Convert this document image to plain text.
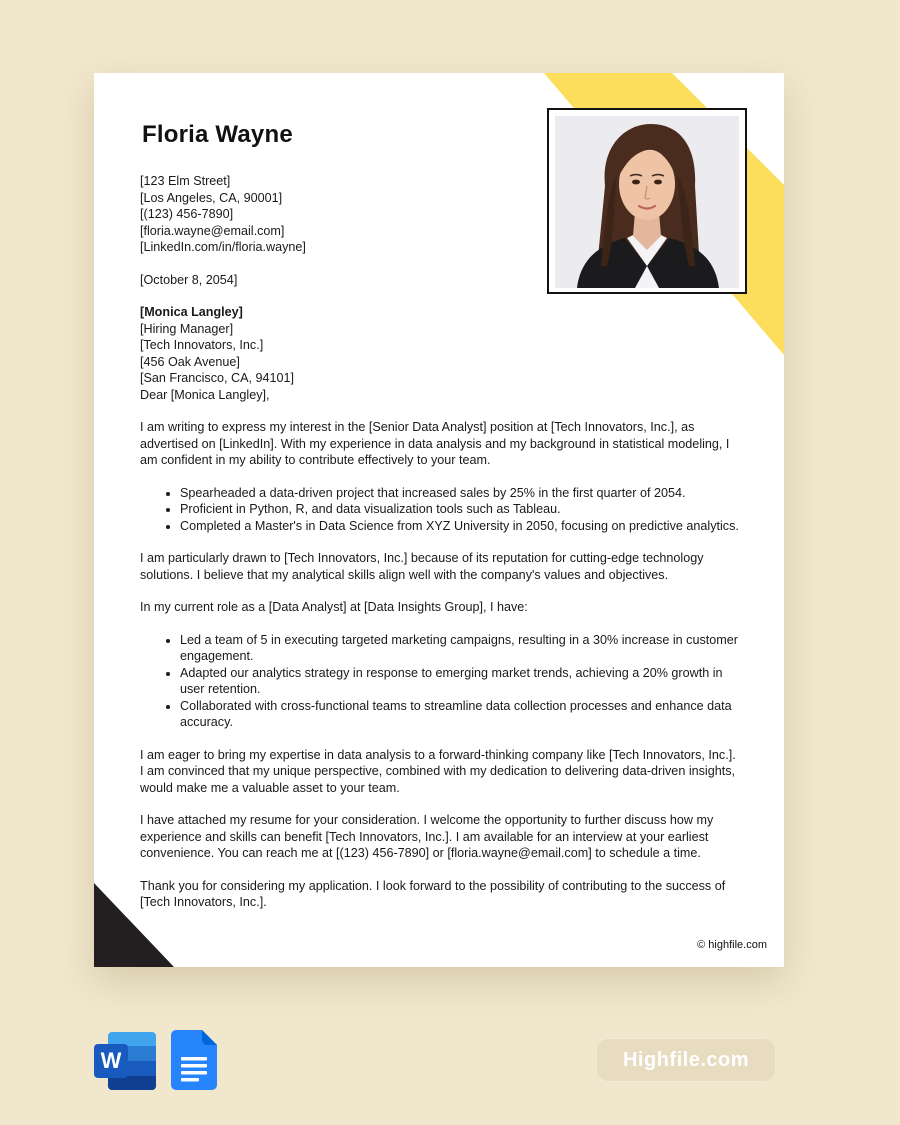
Floria Wayne
[123 Elm Street]
[Los Angeles, CA, 90001]
[(123) 456-7890]
[floria.wayne@email.com]
[LinkedIn.com/in/floria.wayne]
[October 8, 2054]
[Monica Langley]
[Hiring Manager]
[Tech Innovators, Inc.]
[456 Oak Avenue]
[San Francisco, CA, 94101]
Dear [Monica Langley],

I am writing to express my interest in the [Senior Data Analyst] position at [Tech Innovators, Inc.], as advertised on [LinkedIn]. With my experience in data analysis and my background in statistical modeling, I am confident in my ability to contribute effectively to your team.

• Spearheaded a data-driven project that increased sales by 25% in the first quarter of 2054.
• Proficient in Python, R, and data visualization tools such as Tableau.
• Completed a Master's in Data Science from XYZ University in 2050, focusing on predictive analytics.

I am particularly drawn to [Tech Innovators, Inc.] because of its reputation for cutting-edge technology solutions. I believe that my analytical skills align well with the company's values and objectives.

In my current role as a [Data Analyst] at [Data Insights Group], I have:

• Led a team of 5 in executing targeted marketing campaigns, resulting in a 30% increase in customer engagement.
• Adapted our analytics strategy in response to emerging market trends, achieving a 20% growth in user retention.
• Collaborated with cross-functional teams to streamline data collection processes and enhance data accuracy.

I am eager to bring my expertise in data analysis to a forward-thinking company like [Tech Innovators, Inc.]. I am convinced that my unique perspective, combined with my dedication to delivering data-driven insights, would make me a valuable asset to your team.

I have attached my resume for your consideration. I welcome the opportunity to further discuss how my experience and skills can benefit [Tech Innovators, Inc.]. I am available for an interview at your earliest convenience. You can reach me at [(123) 456-7890] or [floria.wayne@email.com] to schedule a time.

Thank you for considering my application. I look forward to the possibility of contributing to the success of [Tech Innovators, Inc.].

© highfile.com
W	Highfile.com
